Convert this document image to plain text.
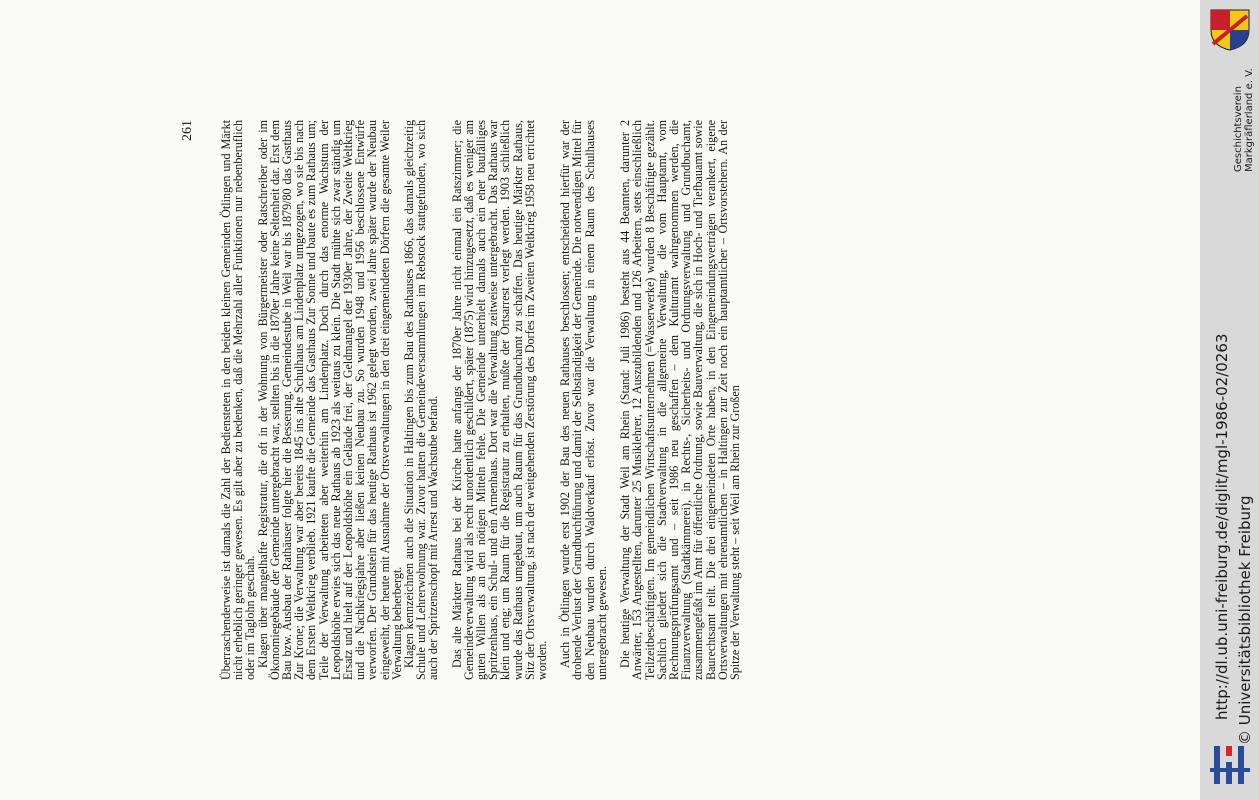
261 Überraschenderweise ist damals die Zahl der Bediensteten in den beiden kleinen Gemeinden Ötlingen und Märkt nicht erheblich geringer gewesen. Es gilt aber zu bedenken, daß die Mehrzahl aller Funktionen nur nebenberuflich oder im Taglohn geschah.

Klagen über mangelhafte Registratur, die oft in der Wohnung von Bürgermeister oder Ratschreiber oder im Ökonomiegebäude der Gemeinde untergebracht war, stellten bis in die 1870er Jahre keine Seltenheit dar. Erst dem Bau bzw. Ausbau der Rathäuser folgte hier die Besserung. Gemeindestube in Weil war bis 1879/80 das Gasthaus Zur Krone; die Verwaltung war aber bereits 1845 ins alte Schulhaus am Lindenplatz umgezogen, wo sie bis nach dem Ersten Weltkrieg verblieb. 1921 kaufte die Gemeinde das Gasthaus Zur Sonne und baute es zum Rathaus um; Teile der Verwaltung arbeiteten aber weiterhin am Lindenplatz. Doch durch das enorme Wachstum der Leopoldshöhe erwies sich das neue Rathaus ab 1923 als weitaus zu klein. Die Stadt mühte sich zwar ständig um Ersatz und hielt auf der Leopoldshöhe ein Gelände frei, der Geldmangel der 1930er Jahre, der Zweite Weltkrieg und die Nachkriegsjahre aber ließen keinen Neubau zu. So wurden 1948 und 1956 beschlossene Entwürfe verworfen. Der Grundstein für das heutige Rathaus ist 1962 gelegt worden, zwei Jahre später wurde der Neubau eingeweiht, der heute mit Ausnahme der Ortsverwaltungen in den drei eingemeindeten Dörfern die gesamte Weiler Verwaltung beherbergt.

Klagen kennzeichnen auch die Situation in Haltingen bis zum Bau des Rathauses 1866, das damals gleichzeitig Schule und Lehrerwohnung war. Zuvor hatten die Gemeindeversammlungen im Rebstock stattgefunden, wo sich auch der Spritzenschopf mit Arrest und Wachstube befand. Das alte Märkter Rathaus bei der Kirche hatte anfangs der 1870er Jahre nicht einmal ein Ratszimmer; die Gemeindeverwaltung wird als recht unordentlich geschildert, später (1875) wird hinzugesetzt, daß es weniger am guten Willen als an den nötigen Mitteln fehle. Die Gemeinde unterhielt damals auch ein eher baufälliges Spritzenhaus, ein Schul- und ein Armenhaus. Dort war die Verwaltung zeitweise untergebracht. Das Rathaus war klein und eng; um Raum für die Registratur zu erhalten, mußte der Ortsarrest verlegt werden. 1903 schließlich wurde das Rathaus umgebaut, um auch Raum für das Grundbuchamt zu schaffen. Das heutige Märkter Rathaus, Sitz der Ortsverwaltung, ist nach der weitgehenden Zerstörung des Dorfes im Zweiten Weltkrieg 1958 neu errichtet worden. Auch in Ötlingen wurde erst 1902 der Bau des neuen Rathauses beschlossen; entscheidend hierfür war der drohende Verlust der Grundbuchführung und damit der Selbständigkeit der Gemeinde. Die notwendigen Mittel für den Neubau wurden durch Waldverkauf erlöst. Zuvor war die Verwaltung in einem Raum des Schulhauses untergebracht gewesen. Die heutige Verwaltung der Stadt Weil am Rhein (Stand: Juli 1986) besteht aus 44 Beamten, darunter 2 Anwärter, 153 Angestellten, darunter 25 Musiklehrer, 12 Auszubildenden und 126 Arbeitern, stets einschließlich Teilzeitbeschäftigten. Im gemeindlichen Wirtschaftsunternehmen (=Wasserwerke) wurden 8 Beschäftigte gezählt. Sachlich gliedert sich die Stadtverwaltung in die allgemeine Verwaltung, die vom Hauptamt, vom Rechnungsprüfungsamt und – seit 1986 neu geschaffen – dem Kulturamt wahrgenommen werden, die Finanzverwaltung (Stadtkämmerei), in Rechts-, Sicherheits- und Ordnungsverwaltung und Grundbuchamt, zusammengefaßt im Amt für öffentliche Ordnung, sowie Bauverwaltung, die sich in Hoch- und Tiefbauamt sowie Baurechtsamt teilt. Die drei eingemeindeten Orte haben, in den Eingemeindungsverträgen verankert, eigene Ortsverwaltungen mit ehrenamtlichen – in Haltingen zur Zeit noch ein hauptamtlicher – Ortsvorstehern. An der Spitze der Verwaltung steht – seit Weil am Rhein zur Großen

Geschichtsverein Markgräflerland e. V.
http://dl.ub.uni-freiburg.de/diglit/mgl-1986-02/0263 © Universitätsbibliothek Freiburg
